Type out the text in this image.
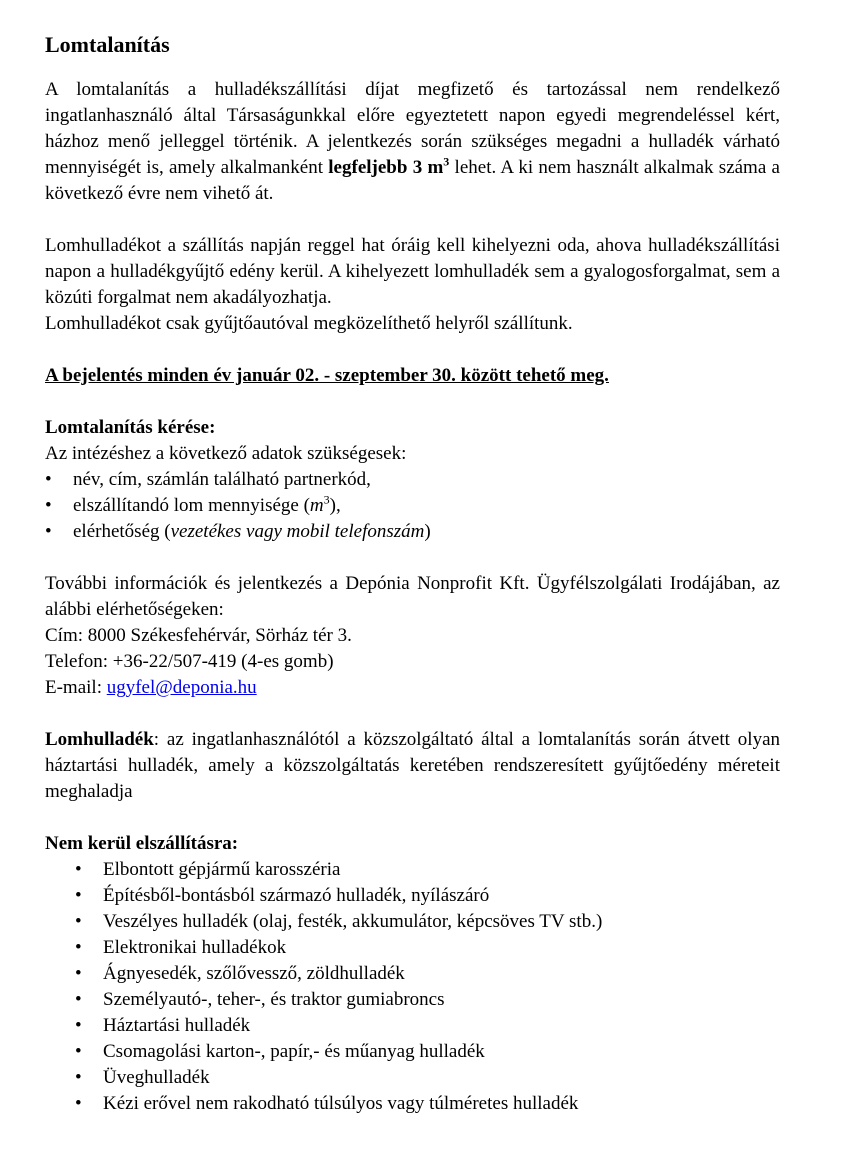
Lomtalanítás

A lomtalanítás a hulladékszállítási díjat megfizető és tartozással nem rendelkező ingatlanhasználó által Társaságunkkal előre egyeztetett napon egyedi megrendeléssel kért, házhoz menő jelleggel történik. A jelentkezés során szükséges megadni a hulladék várható mennyiségét is, amely alkalmanként legfeljebb 3 $m^3$ lehet. A ki nem használt alkalmak száma a következő évre nem vihető át.

Lomhulladékot a szállítás napján reggel hat óráig kell kihelyezni oda, ahova hulladékszállítási napon a hulladékgyűjtő edény kerül. A kihelyezett lomhulladék sem a gyalogosforgalmat, sem a közúti forgalmat nem akadályozhatja.

Lomhulladékot csak gyűjtőautóval megközelíthető helyről szállítunk.

A bejelentés minden év január 02. - szeptember 30. között tehető meg.

Lomtalanítás kérése:

Az intézéshez a következő adatok szükségesek:

• név, cím, számlán található partnerkód,
• elszállítandó lom mennyisége $(m^3)$,
• elérhetőség (vezetékes vagy mobil telefonszám)

További információk és jelentkezés a Depónia Nonprofit Kft. Ügyfélszolgálati Irodájában, az alábbi elérhetőségeken:

Cím: 8000 Székesfehérvár, Sörház tér 3.

Telefon: +36-22/507-419 (4-es gomb)

E-mail: ugyfel@deponia.hu

Lomhulladék: az ingatlanhasználótól a közszolgáltató által a lomtalanítás során átvett olyan háztartási hulladék, amely a közszolgáltatás keretében rendszeresített gyűjtőedény méreteit meghaladja

Nem kerül elszállításra:

• Elbontott gépjármű karosszéria
• Építésből-bontásból származó hulladék, nyílászáró
• Veszélyes hulladék (olaj, festék, akkumulátor, képcsöves TV stb.)
• Elektronikai hulladékok
• Ágnyesedék, szőlővessző, zöldhulladék
• Személyautó-, teher-, és traktor gumiabroncs
• Háztartási hulladék
• Csomagolási karton-, papír,- és műanyag hulladék
• Üveghulladék
• Kézi erővel nem rakodható túlsúlyos vagy túlméretes hulladék
